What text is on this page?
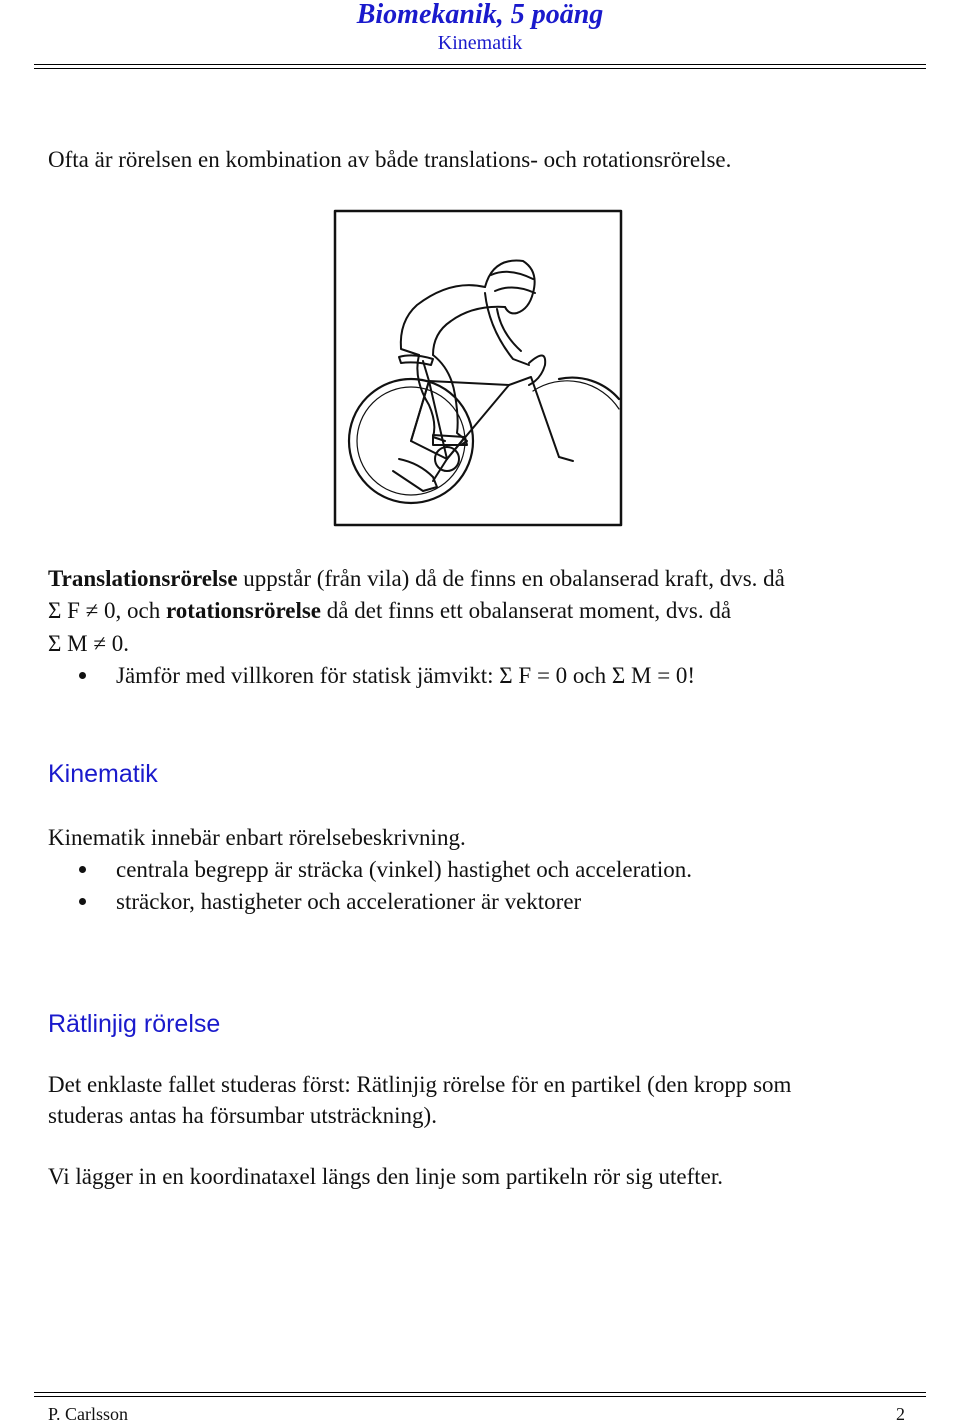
Biomekanik, 5 poäng
Kinematik
Ofta är rörelsen en kombination av både translations- och rotationsrörelse.
Translationsrörelse uppstår (från vila) då de finns en obalanserad kraft, dvs. då
Σ F ≠ 0, och rotationsrörelse då det finns ett obalanserat moment, dvs. då
Σ M ≠ 0.
Jämför med villkoren för statisk jämvikt: Σ F = 0 och Σ M = 0!
Kinematik
Kinematik innebär enbart rörelsebeskrivning.
centrala begrepp är sträcka (vinkel) hastighet och acceleration.
sträckor, hastigheter och accelerationer är vektorer
Rätlinjig rörelse
Det enklaste fallet studeras först: Rätlinjig rörelse för en partikel (den kropp som
studeras antas ha försumbar utsträckning).
Vi lägger in en koordinataxel längs den linje som partikeln rör sig utefter.
P. Carlsson	2
